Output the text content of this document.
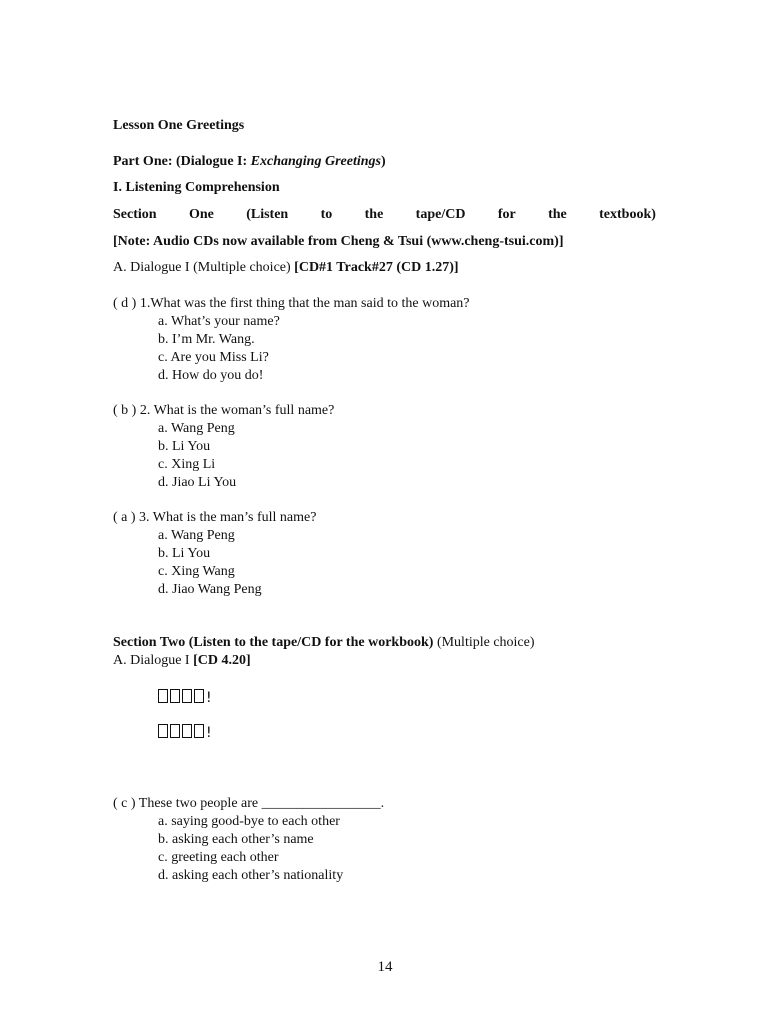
Lesson One Greetings
Part One: (Dialogue I: Exchanging Greetings)
I. Listening Comprehension
Section One (Listen to the tape/CD for the textbook)
[Note: Audio CDs now available from Cheng & Tsui (www.cheng-tsui.com)]
A. Dialogue I (Multiple choice) [CD#1 Track#27 (CD 1.27)]
( d ) 1.What was the first thing that the man said to the woman?
a. What’s your name?
b. I’m Mr. Wang.
c. Are you Miss Li?
d. How do you do!
( b ) 2. What is the woman’s full name?
a. Wang Peng
b. Li You
c. Xing Li
d. Jiao Li You
( a ) 3. What is the man’s full name?
a. Wang Peng
b. Li You
c. Xing Wang
d. Jiao Wang Peng
Section Two (Listen to the tape/CD for the workbook) (Multiple choice)
A. Dialogue I [CD 4.20]
!
!
( c ) These two people are _________________.
a. saying good-bye to each other
b. asking each other’s name
c. greeting each other
d. asking each other’s nationality
14
